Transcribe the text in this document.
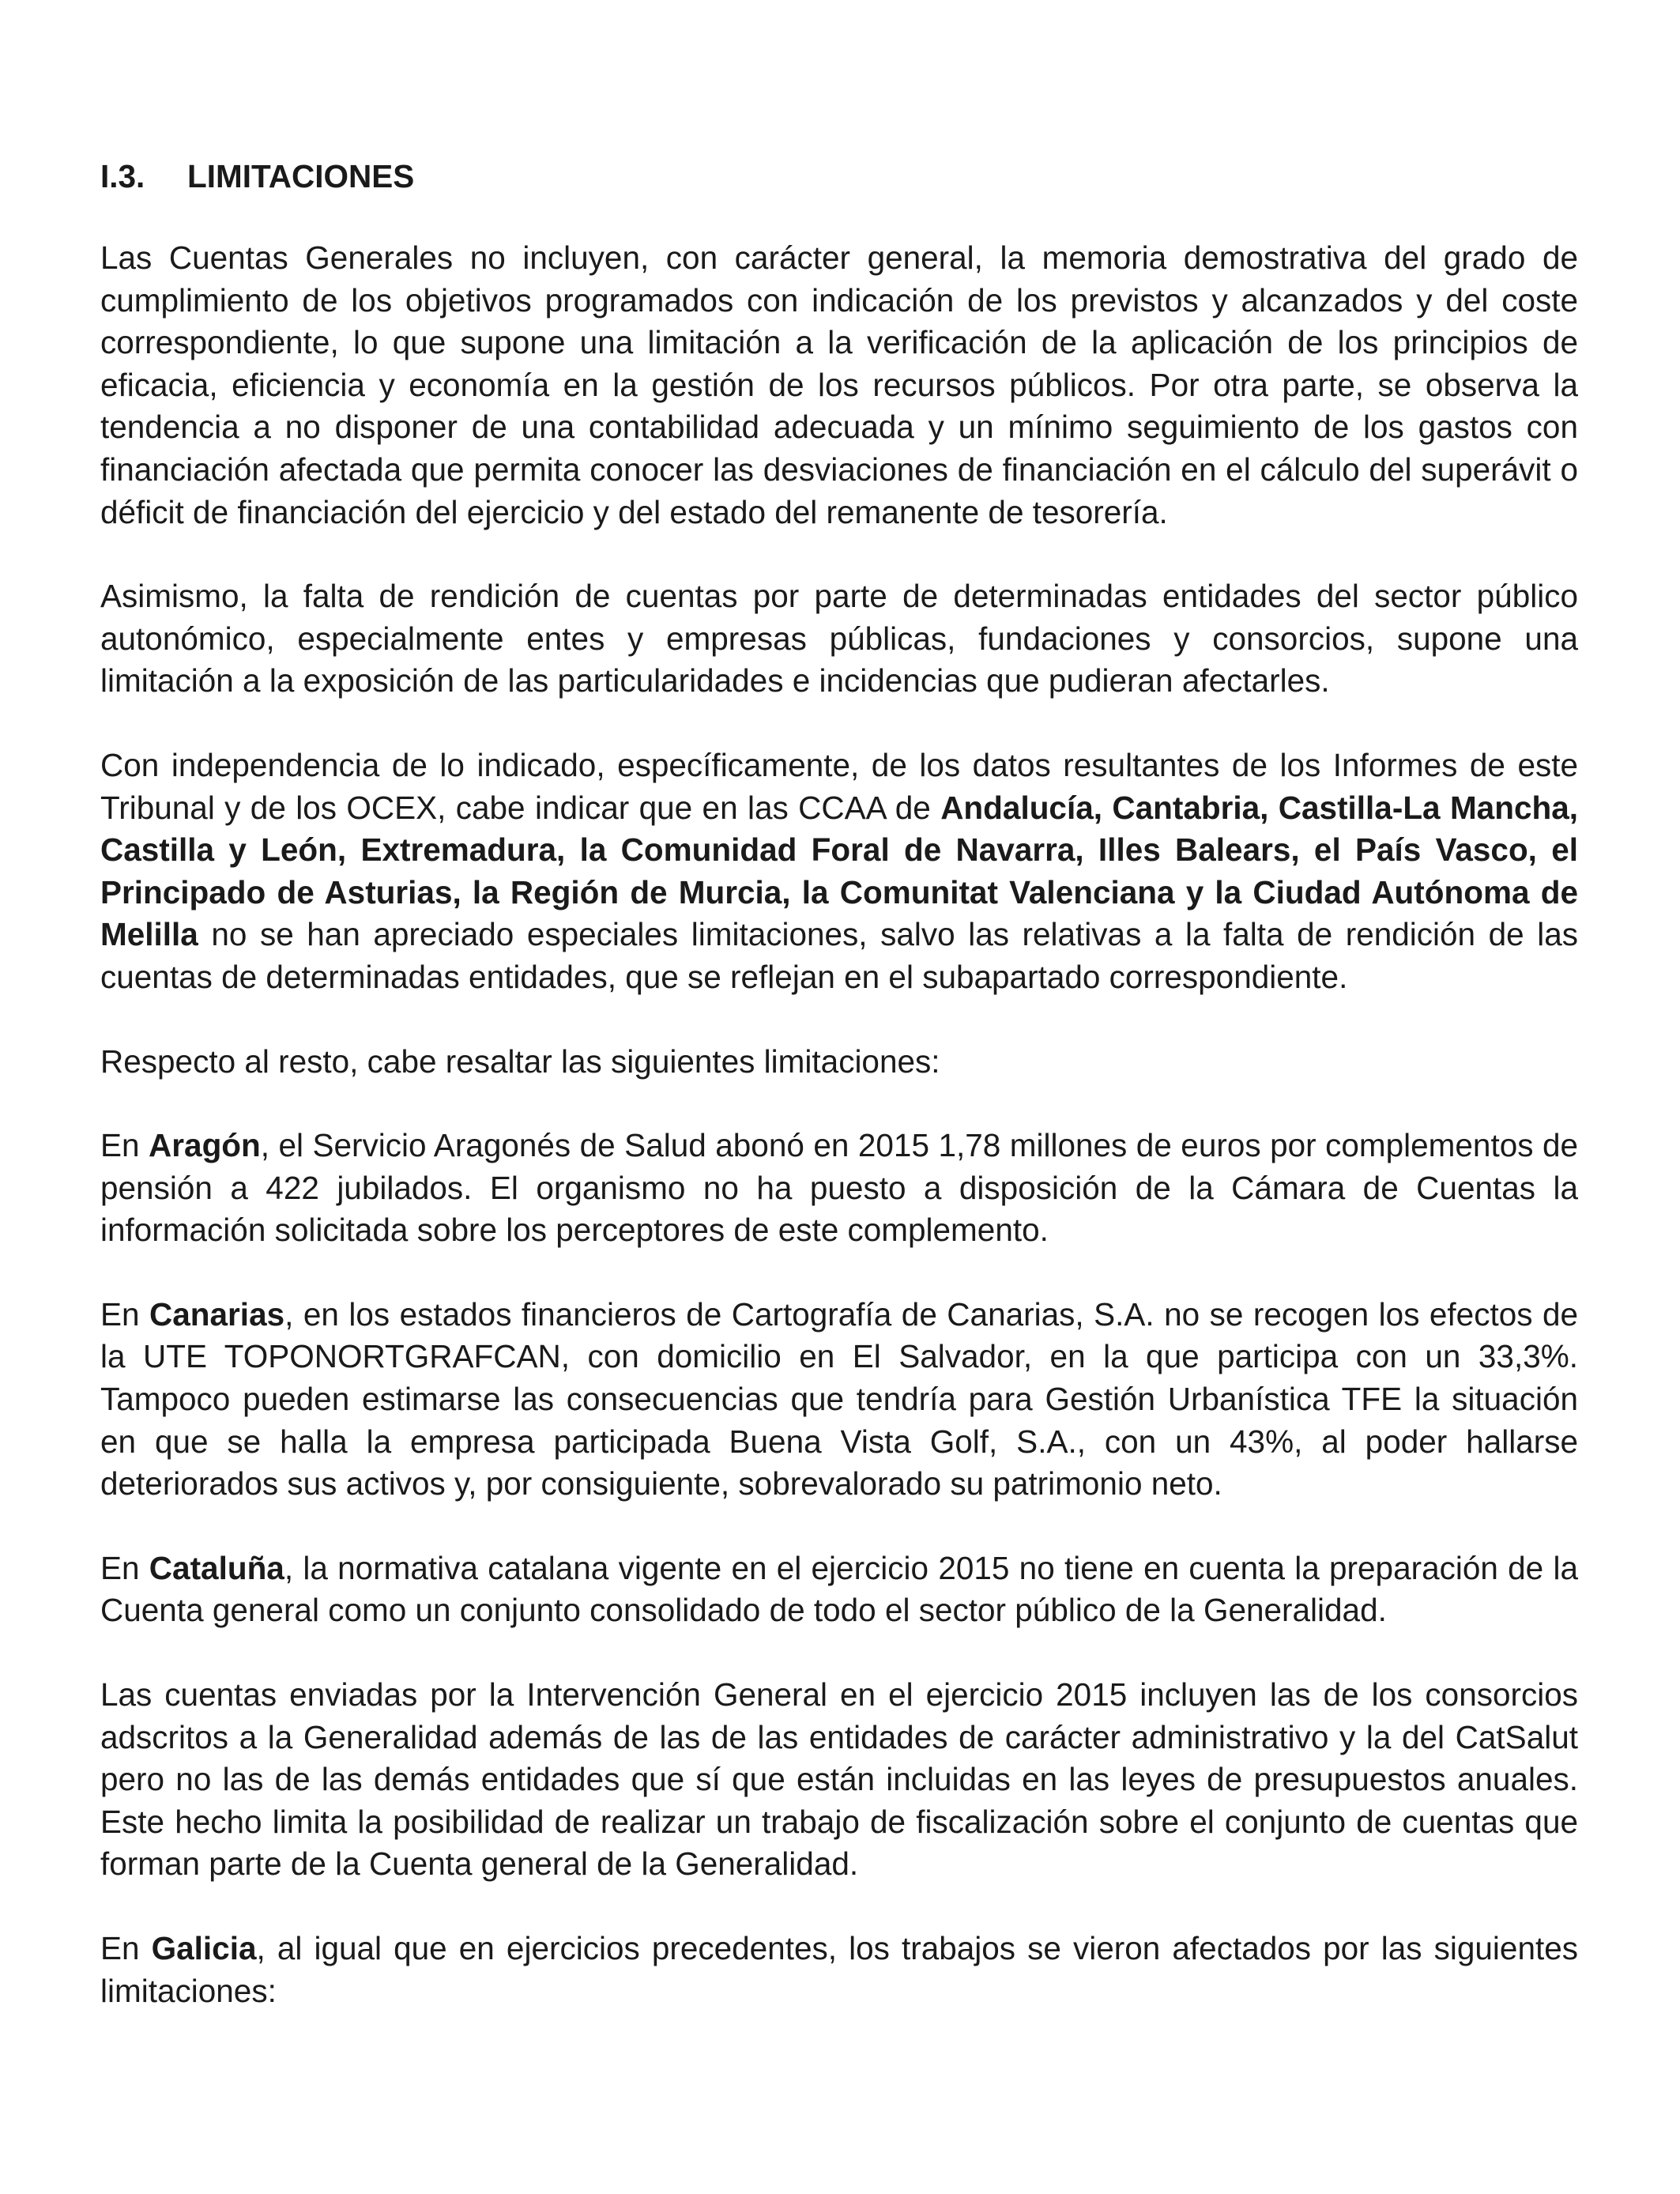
I.3. LIMITACIONES

Las Cuentas Generales no incluyen, con carácter general, la memoria demostrativa del grado de cumplimiento de los objetivos programados con indicación de los previstos y alcanzados y del coste correspondiente, lo que supone una limitación a la verificación de la aplicación de los principios de eficacia, eficiencia y economía en la gestión de los recursos públicos. Por otra parte, se observa la tendencia a no disponer de una contabilidad adecuada y un mínimo seguimiento de los gastos con financiación afectada que permita conocer las desviaciones de financiación en el cálculo del superávit o déficit de financiación del ejercicio y del estado del remanente de tesorería.

Asimismo, la falta de rendición de cuentas por parte de determinadas entidades del sector público autonómico, especialmente entes y empresas públicas, fundaciones y consorcios, supone una limitación a la exposición de las particularidades e incidencias que pudieran afectarles.

Con independencia de lo indicado, específicamente, de los datos resultantes de los Informes de este Tribunal y de los OCEX, cabe indicar que en las CCAA de Andalucía, Cantabria, Castilla-La Mancha, Castilla y León, Extremadura, la Comunidad Foral de Navarra, Illes Balears, el País Vasco, el Principado de Asturias, la Región de Murcia, la Comunitat Valenciana y la Ciudad Autónoma de Melilla no se han apreciado especiales limitaciones, salvo las relativas a la falta de rendición de las cuentas de determinadas entidades, que se reflejan en el subapartado correspondiente.

Respecto al resto, cabe resaltar las siguientes limitaciones:

En Aragón, el Servicio Aragonés de Salud abonó en 2015 1,78 millones de euros por complementos de pensión a 422 jubilados. El organismo no ha puesto a disposición de la Cámara de Cuentas la información solicitada sobre los perceptores de este complemento.

En Canarias, en los estados financieros de Cartografía de Canarias, S.A. no se recogen los efectos de la UTE TOPONORTGRAFCAN, con domicilio en El Salvador, en la que participa con un 33,3%. Tampoco pueden estimarse las consecuencias que tendría para Gestión Urbanística TFE la situación en que se halla la empresa participada Buena Vista Golf, S.A., con un 43%, al poder hallarse deteriorados sus activos y, por consiguiente, sobrevalorado su patrimonio neto.

En Cataluña, la normativa catalana vigente en el ejercicio 2015 no tiene en cuenta la preparación de la Cuenta general como un conjunto consolidado de todo el sector público de la Generalidad.

Las cuentas enviadas por la Intervención General en el ejercicio 2015 incluyen las de los consorcios adscritos a la Generalidad además de las de las entidades de carácter administrativo y la del CatSalut pero no las de las demás entidades que sí que están incluidas en las leyes de presupuestos anuales. Este hecho limita la posibilidad de realizar un trabajo de fiscalización sobre el conjunto de cuentas que forman parte de la Cuenta general de la Generalidad.

En Galicia, al igual que en ejercicios precedentes, los trabajos se vieron afectados por las siguientes limitaciones:
